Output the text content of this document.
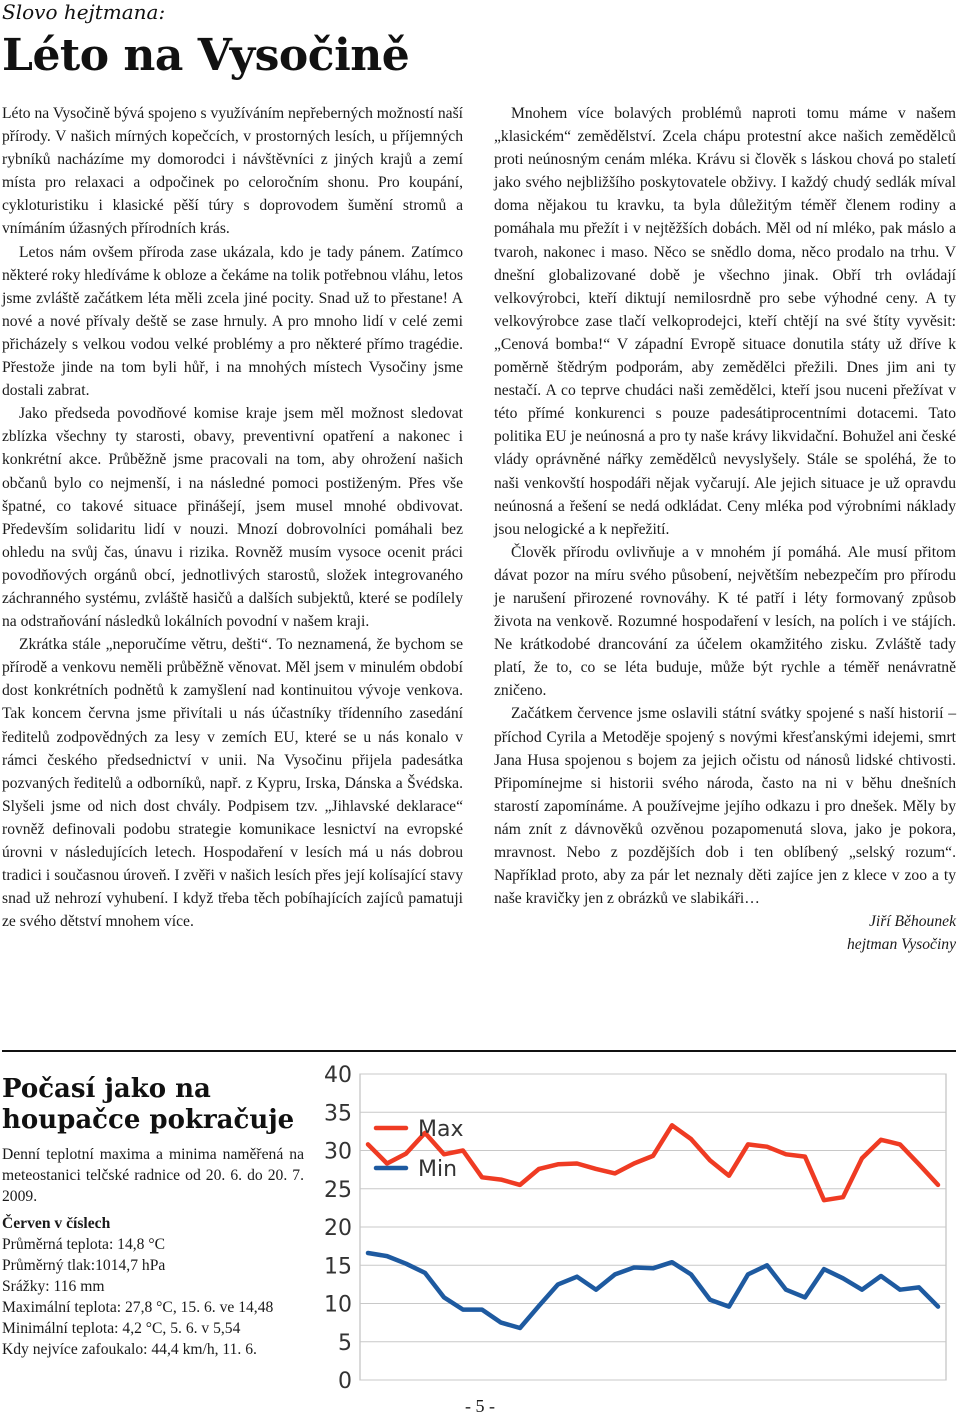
Slovo hejtmana:
Léto na Vysočině

Léto na Vysočině bývá spojeno s využíváním nepřeberných možností naší přírody. V našich mírných kopečcích, v prostorných lesích, u příjemných rybníků nacházíme my domorodci i návštěvníci z jiných krajů a zemí místa pro relaxaci a odpočinek po celoročním shonu. Pro koupání, cykloturistiku i klasické pěší túry s doprovodem šumění stromů a vnímáním úžasných přírodních krás.

Letos nám ovšem příroda zase ukázala, kdo je tady pánem. Zatímco některé roky hledíváme k obloze a čekáme na tolik potřebnou vláhu, letos jsme zvláště začátkem léta měli zcela jiné pocity. Snad už to přestane! A nové a nové přívaly deště se zase hrnuly. A pro mnoho lidí v celé zemi přicházely s velkou vodou velké problémy a pro některé přímo tragédie. Přestože jinde na tom byli hůř, i na mnohých místech Vysočiny jsme dostali zabrat.

Jako předseda povodňové komise kraje jsem měl možnost sledovat zblízka všechny ty starosti, obavy, preventivní opatření a nakonec i konkrétní akce. Průběžně jsme pracovali na tom, aby ohrožení našich občanů bylo co nejmenší, i na následné pomoci postiženým. Přes vše špatné, co takové situace přinášejí, jsem musel mnohé obdivovat. Především solidaritu lidí v nouzi. Mnozí dobrovolníci pomáhali bez ohledu na svůj čas, únavu i rizika. Rovněž musím vysoce ocenit práci povodňových orgánů obcí, jednotlivých starostů, složek integrovaného záchranného systému, zvláště hasičů a dalších subjektů, které se podílely na odstraňování následků lokálních povodní v našem kraji.

Zkrátka stále „neporučíme větru, dešti“. To neznamená, že bychom se přírodě a venkovu neměli průběžně věnovat. Měl jsem v minulém období dost konkrétních podnětů k zamyšlení nad kontinuitou vývoje venkova. Tak koncem června jsme přivítali u nás účastníky třídenního zasedání ředitelů zodpovědných za lesy v zemích EU, které se u nás konalo v rámci českého předsednictví v unii. Na Vysočinu přijela padesátka pozvaných ředitelů a odborníků, např. z Kypru, Irska, Dánska a Švédska. Slyšeli jsme od nich dost chvály. Podpisem tzv. „Jihlavské deklarace“ rovněž definovali podobu strategie komunikace lesnictví na evropské úrovni v následujících letech. Hospodaření v lesích má u nás dobrou tradici i současnou úroveň. I zvěři v našich lesích přes její kolísající stavy snad už nehrozí vyhubení. I když třeba těch pobíhajících zajíců pamatuji ze svého dětství mnohem více.

Mnohem více bolavých problémů naproti tomu máme v našem „klasickém“ zemědělství. Zcela chápu protestní akce našich zemědělců proti neúnosným cenám mléka. Krávu si člověk s láskou chová po staletí jako svého nejbližšího poskytovatele obživy. I každý chudý sedlák míval doma nějakou tu kravku, ta byla důležitým téměř členem rodiny a pomáhala mu přežít i v nejtěžších dobách. Měl od ní mléko, pak máslo a tvaroh, nakonec i maso. Něco se snědlo doma, něco prodalo na trhu. V dnešní globalizované době je všechno jinak. Obří trh ovládají velkovýrobci, kteří diktují nemilosrdně pro sebe výhodné ceny. A ty velkovýrobce zase tlačí velkoprodejci, kteří chtějí na své štíty vyvěsit: „Cenová bomba!“ V západní Evropě situace donutila státy už dříve k poměrně štědrým podporám, aby zemědělci přežili. Dnes jim ani ty nestačí. A co teprve chudáci naši zemědělci, kteří jsou nuceni přežívat v této přímé konkurenci s pouze padesátiprocentními dotacemi. Tato politika EU je neúnosná a pro ty naše krávy likvidační. Bohužel ani české vlády oprávněné nářky zemědělců nevyslyšely. Stále se spoléhá, že to naši venkovští hospodáři nějak vyčarují. Ale jejich situace je už opravdu neúnosná a řešení se nedá odkládat. Ceny mléka pod výrobními náklady jsou nelogické a k nepřežití.

Člověk přírodu ovlivňuje a v mnohém jí pomáhá. Ale musí přitom dávat pozor na míru svého působení, největším nebezpečím pro přírodu je narušení přirozené rovnováhy. K té patří i léty formovaný způsob života na venkově. Rozumné hospodaření v lesích, na polích i ve stájích. Ne krátkodobé drancování za účelem okamžitého zisku. Zvláště tady platí, že to, co se léta buduje, může být rychle a téměř nenávratně zničeno.

Začátkem července jsme oslavili státní svátky spojené s naší historií – příchod Cyrila a Metoděje spojený s novými křesťanskými idejemi, smrt Jana Husa spojenou s bojem za jejich očistu od nánosů lidské chtivosti. Připomínejme si historii svého národa, často na ni v běhu dnešních starostí zapomínáme. A používejme jejího odkazu i pro dnešek. Měly by nám znít z dávnověků ozvěnou pozapomenutá slova, jako je pokora, mravnost. Nebo z pozdějších dob i ten oblíbený „selský rozum“. Například proto, aby za pár let neznaly děti zajíce jen z klece v zoo a ty naše kravičky jen z obrázků ve slabikáři…

Jiří Běhounek

hejtman Vysočiny

Počasí jako na houpačce pokračuje

Denní teplotní maxima a minima naměřená na meteostanici telčské radnice od 20. 6. do 20. 7. 2009.

Červen v číslech

Průměrná teplota: 14,8 °C

Průměrný tlak:1014,7 hPa

Srážky: 116 mm

Maximální teplota: 27,8 °C, 15. 6. ve 14,48

Minimální teplota: 4,2 °C, 5. 6. v 5,54

Kdy nejvíce zafoukalo: 44,4 km/h, 11. 6.

0
5
10
15
20
25
30
35
40
Max
Min
- 5 -
